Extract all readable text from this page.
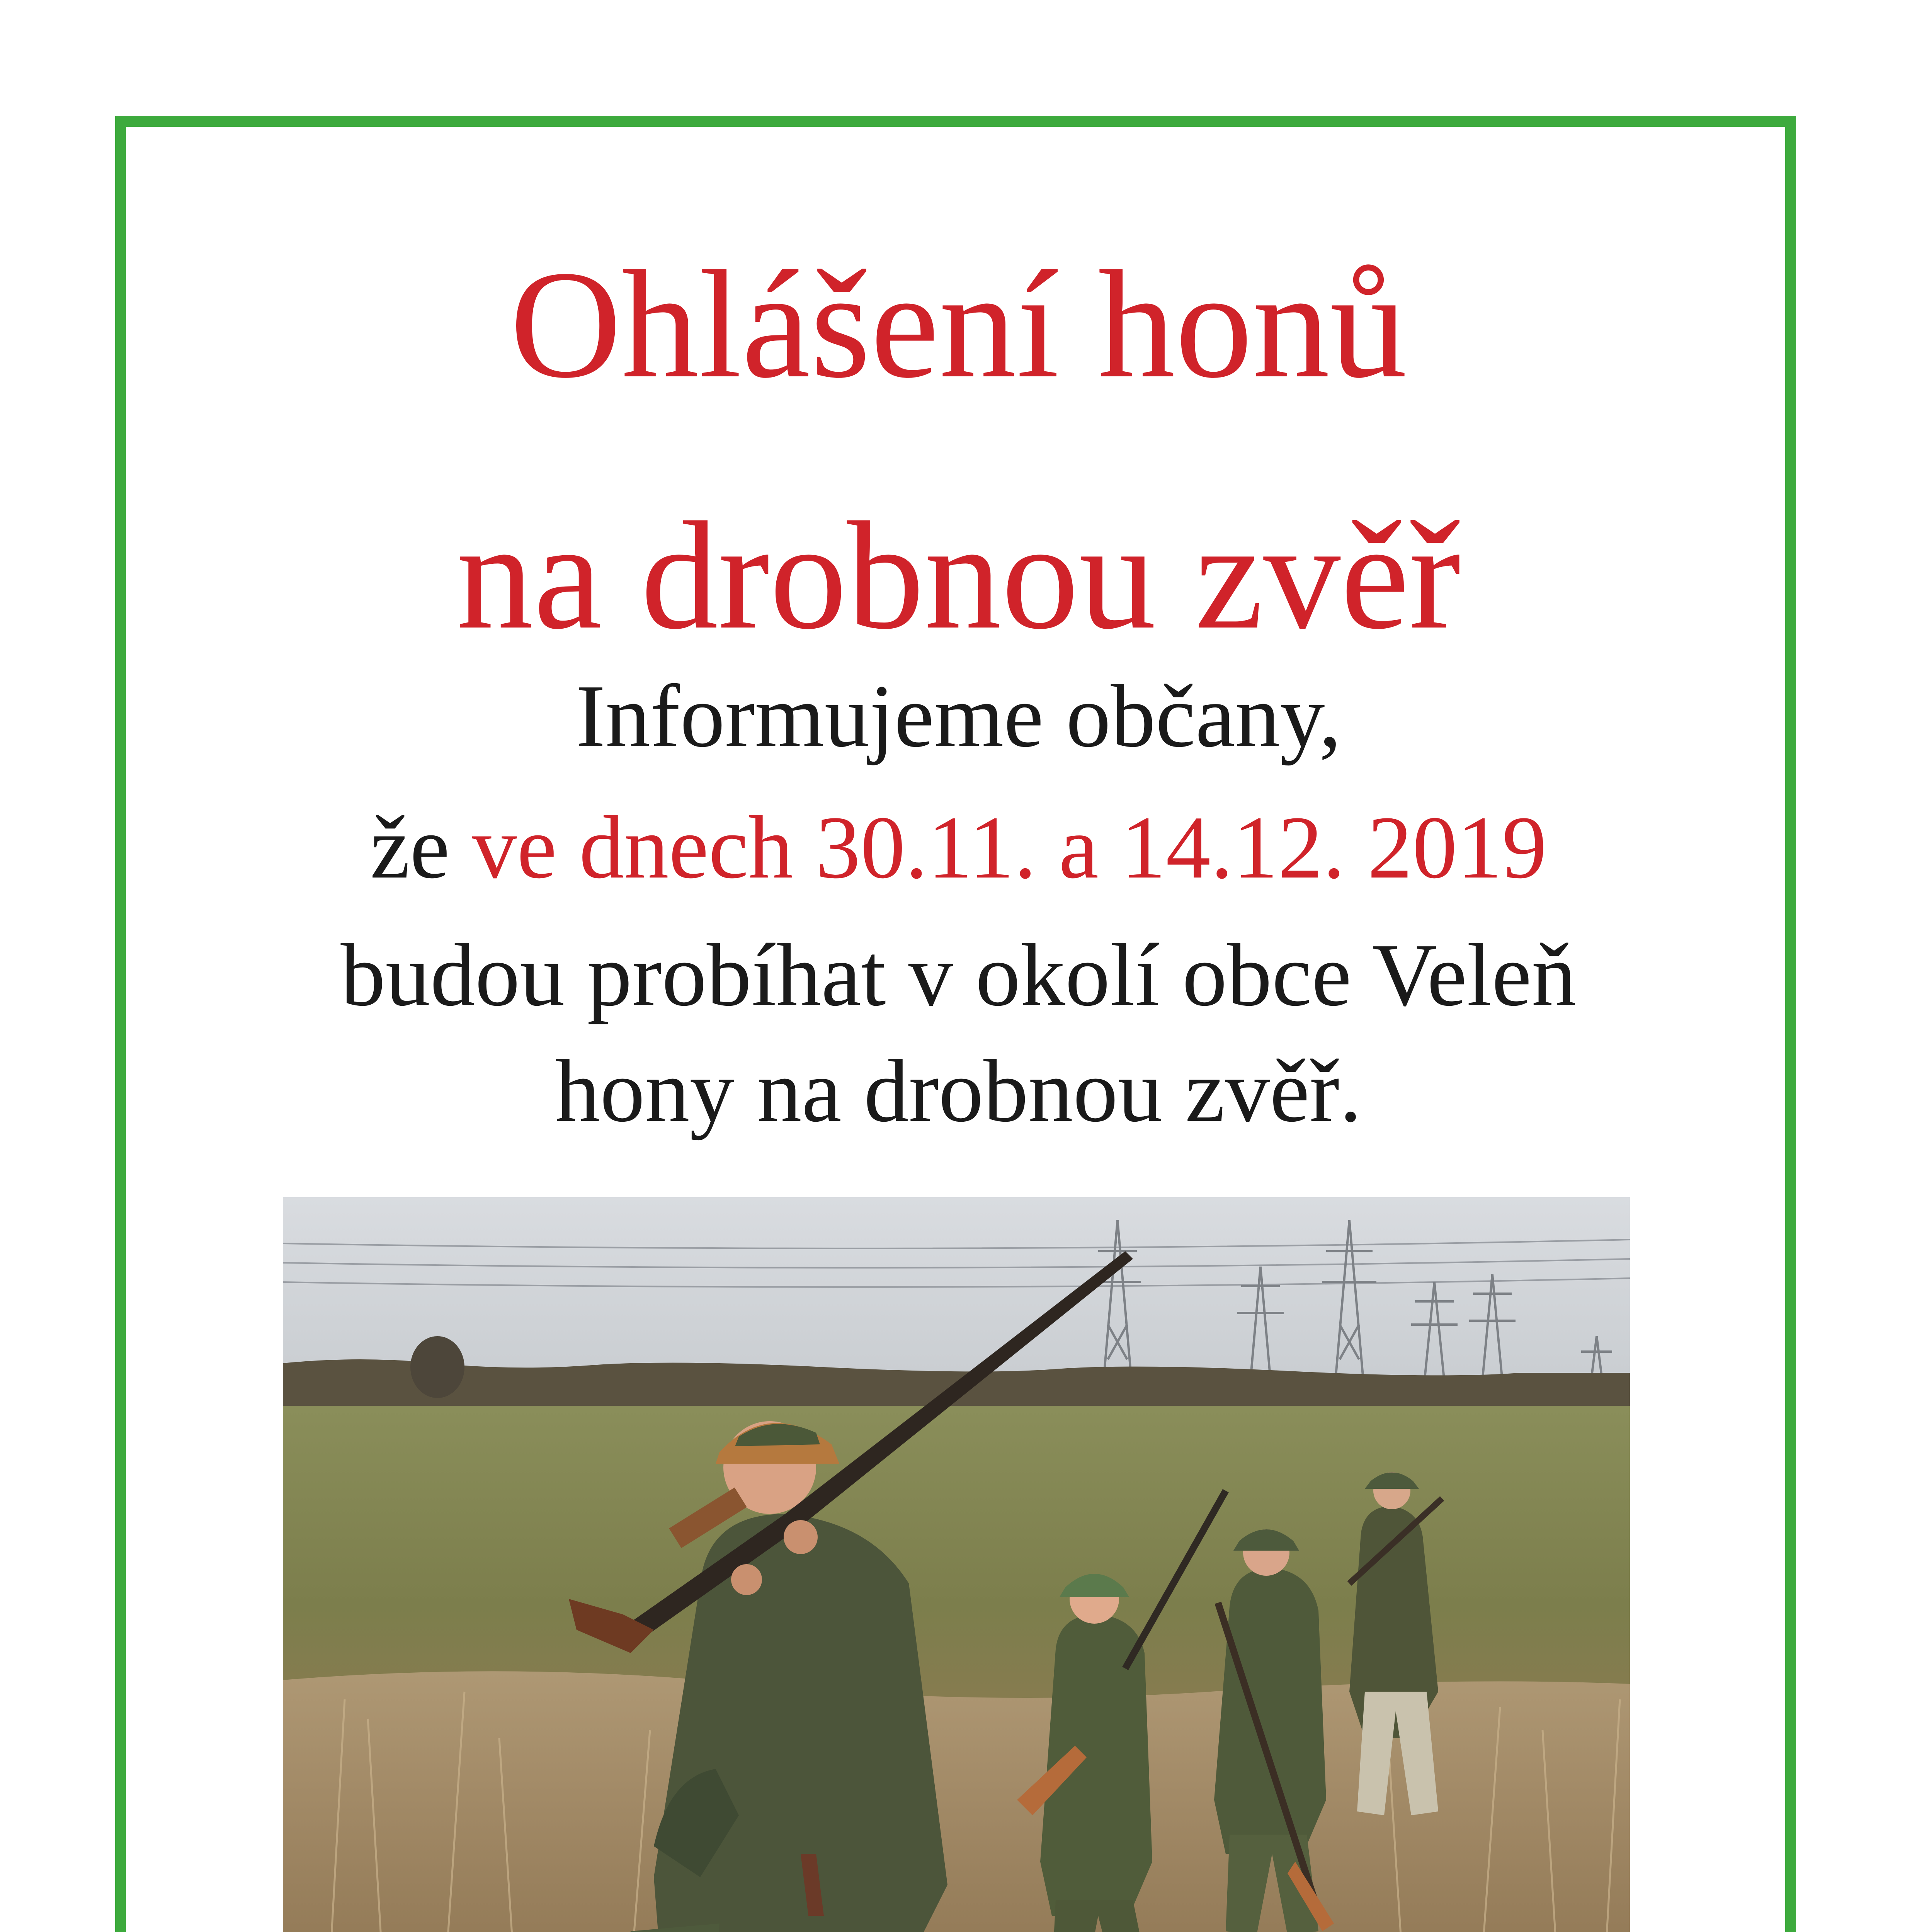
Ohlášení honů
na drobnou zvěř
Informujeme občany,
že ve dnech 30.11. a 14.12. 2019
budou probíhat v okolí obce Veleň
hony na drobnou zvěř.
